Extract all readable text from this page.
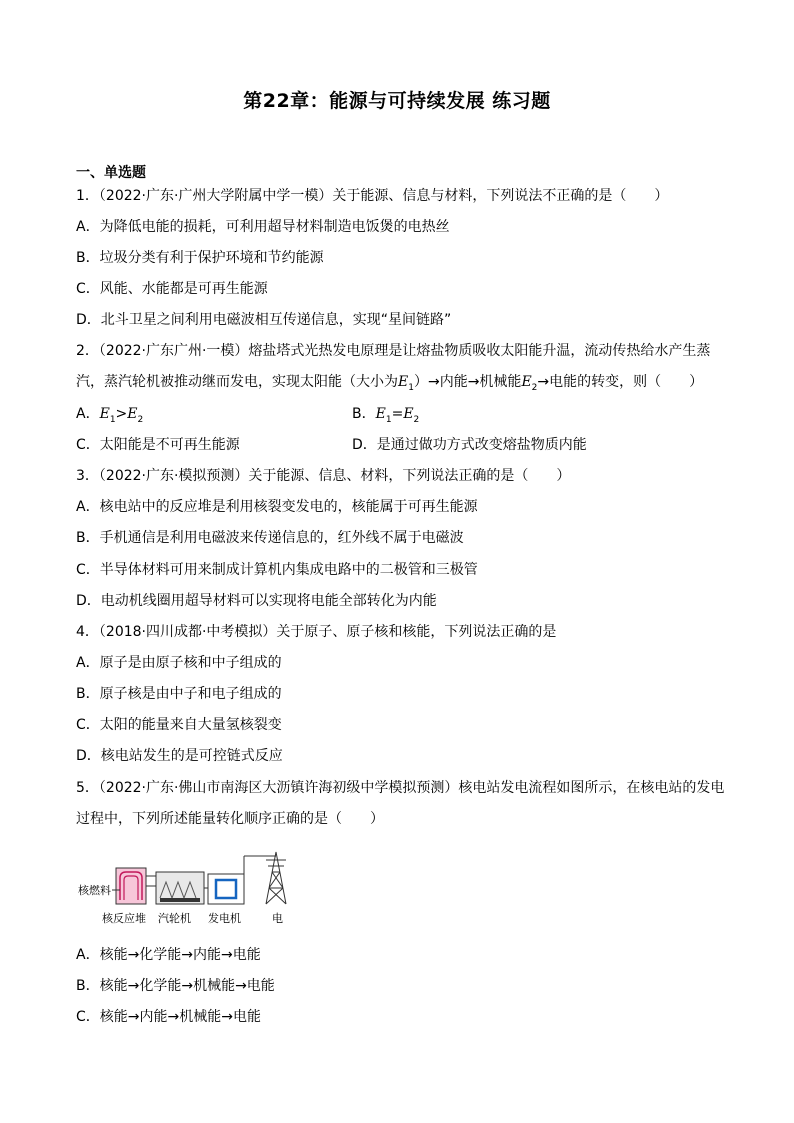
第22章：能源与可持续发展 练习题
一、单选题
1．（2022·广东·广州大学附属中学一模）关于能源、信息与材料，下列说法不正确的是（　　）
A．为降低电能的损耗，可利用超导材料制造电饭煲的电热丝
B．垃圾分类有利于保护环境和节约能源
C．风能、水能都是可再生能源
D．北斗卫星之间利用电磁波相互传递信息，实现“星间链路”
2．（2022·广东广州·一模）熔盐塔式光热发电原理是让熔盐物质吸收太阳能升温，流动传热给水产生蒸
汽，蒸汽轮机被推动继而发电，实现太阳能（大小为$E_1)\to$内能→机械能$E_2\to$电能的转变，则（　　）
A．$E_1>E_2$	B．$E_1=E_2$
C．太阳能是不可再生能源	D．是通过做功方式改变熔盐物质内能
3．（2022·广东·模拟预测）关于能源、信息、材料，下列说法正确的是（　　）
A．核电站中的反应堆是利用核裂变发电的，核能属于可再生能源
B．手机通信是利用电磁波来传递信息的，红外线不属于电磁波
C．半导体材料可用来制成计算机内集成电路中的二极管和三极管
D．电动机线圈用超导材料可以实现将电能全部转化为内能
4．（2018·四川成都·中考模拟）关于原子、原子核和核能，下列说法正确的是
A．原子是由原子核和中子组成的
B．原子核是由中子和电子组成的
C．太阳的能量来自大量氢核裂变
D．核电站发生的是可控链式反应
5．（2022·广东·佛山市南海区大沥镇许海初级中学模拟预测）核电站发电流程如图所示，在核电站的发电
过程中，下列所述能量转化顺序正确的是（　　）
核燃料
核反应堆 汽轮机 发电机	电
A．核能→化学能→内能→电能
B．核能→化学能→机械能→电能
C．核能→内能→机械能→电能
